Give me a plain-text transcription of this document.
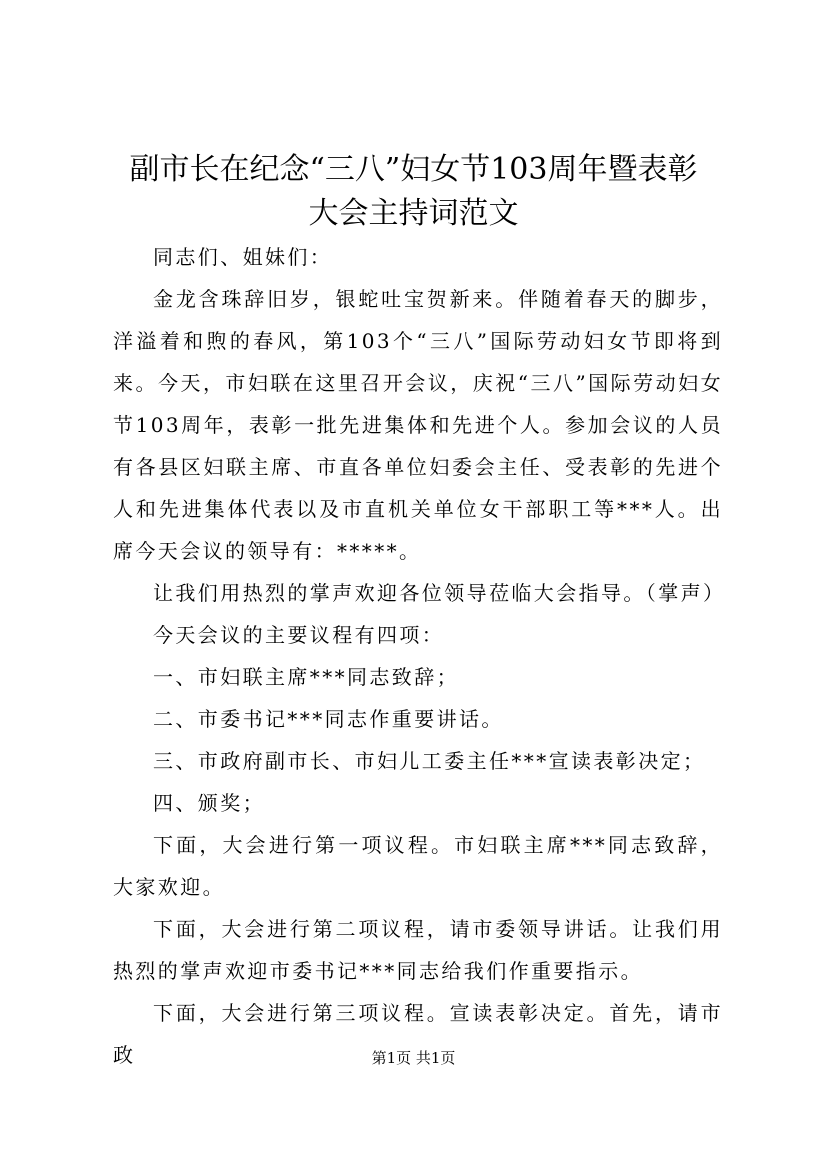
副市长在纪念“三八”妇女节103周年暨表彰
大会主持词范文

同志们、姐妹们：

金龙含珠辞旧岁，银蛇吐宝贺新来。伴随着春天的脚步，洋溢着和煦的春风，第103个“三八”国际劳动妇女节即将到来。今天，市妇联在这里召开会议，庆祝“三八”国际劳动妇女节103周年，表彰一批先进集体和先进个人。参加会议的人员有各县区妇联主席、市直各单位妇委会主任、受表彰的先进个人和先进集体代表以及市直机关单位女干部职工等***人。出席今天会议的领导有：*****。

让我们用热烈的掌声欢迎各位领导莅临大会指导。（掌声）

今天会议的主要议程有四项：

一、市妇联主席***同志致辞；

二、市委书记***同志作重要讲话。

三、市政府副市长、市妇儿工委主任***宣读表彰决定；

四、颁奖；

下面，大会进行第一项议程。市妇联主席***同志致辞，大家欢迎。

下面，大会进行第二项议程，请市委领导讲话。让我们用热烈的掌声欢迎市委书记***同志给我们作重要指示。

下面，大会进行第三项议程。宣读表彰决定。首先，请市政	第1页 共1页
